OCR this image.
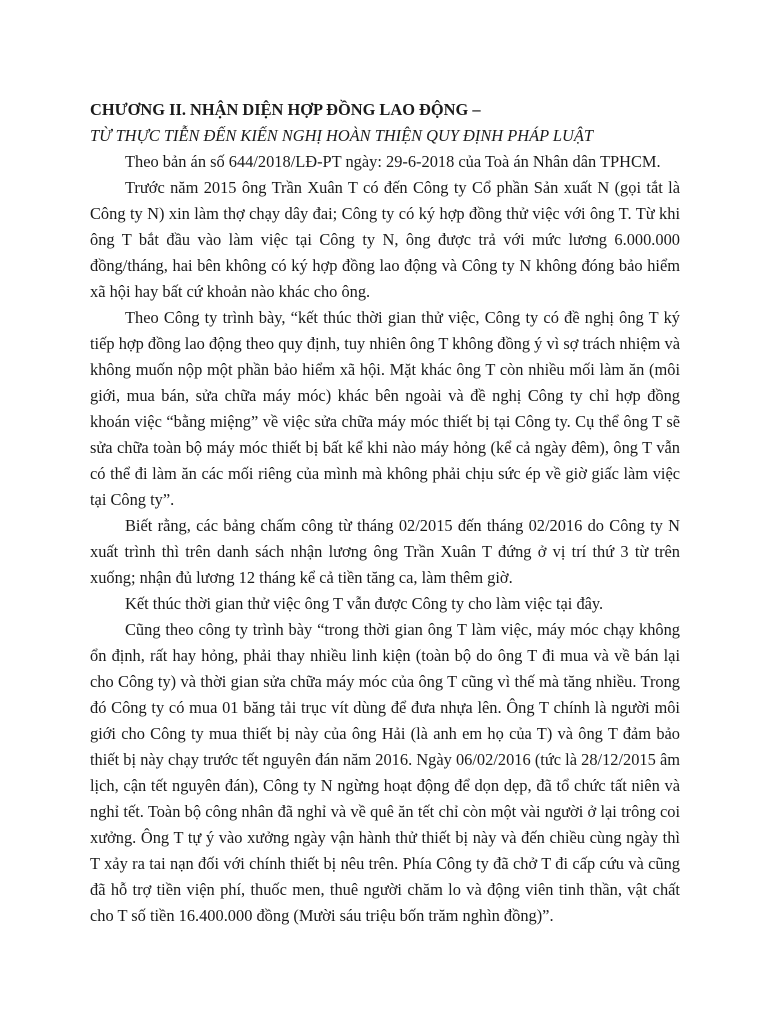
CHƯƠNG II. NHẬN DIỆN HỢP ĐỒNG LAO ĐỘNG –

TỪ THỰC TIỄN ĐẾN KIẾN NGHỊ HOÀN THIỆN QUY ĐỊNH PHÁP LUẬT

Theo bản án số 644/2018/LĐ-PT ngày: 29-6-2018 của Toà án Nhân dân TPHCM.

Trước năm 2015 ông Trần Xuân T có đến Công ty Cổ phần Sản xuất N (gọi tắt là Công ty N) xin làm thợ chạy dây đai; Công ty có ký hợp đồng thử việc với ông T. Từ khi ông T bắt đầu vào làm việc tại Công ty N, ông được trả với mức lương 6.000.000 đồng/tháng, hai bên không có ký hợp đồng lao động và Công ty N không đóng bảo hiểm xã hội hay bất cứ khoản nào khác cho ông.

Theo Công ty trình bày, “kết thúc thời gian thử việc, Công ty có đề nghị ông T ký tiếp hợp đồng lao động theo quy định, tuy nhiên ông T không đồng ý vì sợ trách nhiệm và không muốn nộp một phần bảo hiểm xã hội. Mặt khác ông T còn nhiều mối làm ăn (môi giới, mua bán, sửa chữa máy móc) khác bên ngoài và đề nghị Công ty chỉ hợp đồng khoán việc “bằng miệng” về việc sửa chữa máy móc thiết bị tại Công ty. Cụ thể ông T sẽ sửa chữa toàn bộ máy móc thiết bị bất kể khi nào máy hỏng (kể cả ngày đêm), ông T vẫn có thể đi làm ăn các mối riêng của mình mà không phải chịu sức ép về giờ giấc làm việc tại Công ty”.

Biết rằng, các bảng chấm công từ tháng 02/2015 đến tháng 02/2016 do Công ty N xuất trình thì trên danh sách nhận lương ông Trần Xuân T đứng ở vị trí thứ 3 từ trên xuống; nhận đủ lương 12 tháng kể cả tiền tăng ca, làm thêm giờ.

Kết thúc thời gian thử việc ông T vẫn được Công ty cho làm việc tại đây.

Cũng theo công ty trình bày “trong thời gian ông T làm việc, máy móc chạy không ổn định, rất hay hỏng, phải thay nhiều linh kiện (toàn bộ do ông T đi mua và về bán lại cho Công ty) và thời gian sửa chữa máy móc của ông T cũng vì thế mà tăng nhiều. Trong đó Công ty có mua 01 băng tải trục vít dùng để đưa nhựa lên. Ông T chính là người môi giới cho Công ty mua thiết bị này của ông Hải (là anh em họ của T) và ông T đảm bảo thiết bị này chạy trước tết nguyên đán năm 2016. Ngày 06/02/2016 (tức là 28/12/2015 âm lịch, cận tết nguyên đán), Công ty N ngừng hoạt động để dọn dẹp, đã tổ chức tất niên và nghỉ tết. Toàn bộ công nhân đã nghỉ và về quê ăn tết chỉ còn một vài người ở lại trông coi xưởng. Ông T tự ý vào xưởng ngày vận hành thử thiết bị này và đến chiều cùng ngày thì T xảy ra tai nạn đối với chính thiết bị nêu trên. Phía Công ty đã chở T đi cấp cứu và cũng đã hỗ trợ tiền viện phí, thuốc men, thuê người chăm lo và động viên tinh thần, vật chất cho T số tiền 16.400.000 đồng (Mười sáu triệu bốn trăm nghìn đồng)”.
